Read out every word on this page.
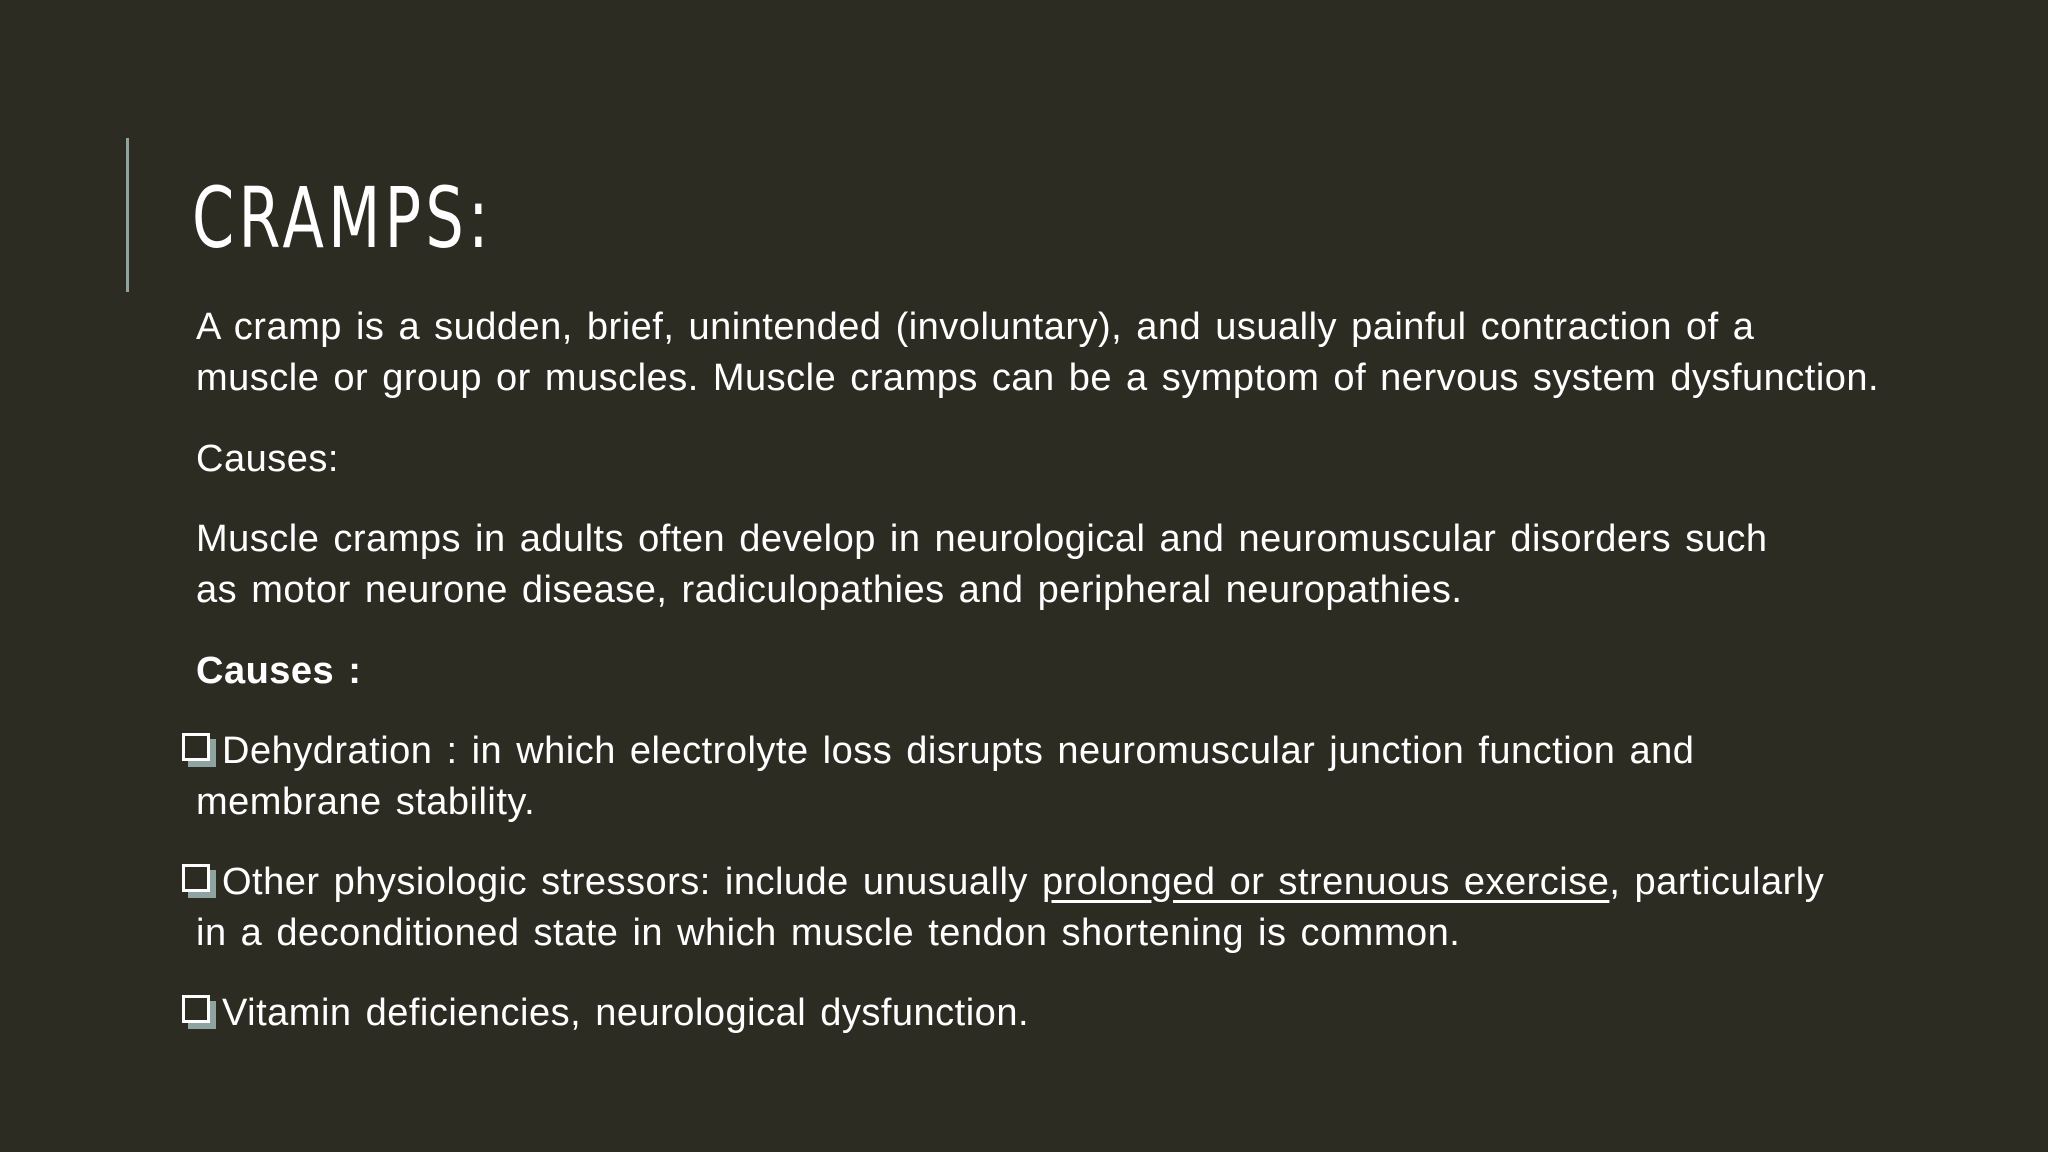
CRAMPS:

A cramp is a sudden, brief, unintended (involuntary), and usually painful contraction of a
muscle or group or muscles. Muscle cramps can be a symptom of nervous system dysfunction.

Causes:

Muscle cramps in adults often develop in neurological and neuromuscular disorders such
as motor neurone disease, radiculopathies and peripheral neuropathies.

Causes :

Dehydration : in which electrolyte loss disrupts neuromuscular junction function and

membrane stability.

Other physiologic stressors: include unusually prolonged or strenuous exercise, particularly

in a deconditioned state in which muscle tendon shortening is common.

Vitamin deficiencies, neurological dysfunction.
